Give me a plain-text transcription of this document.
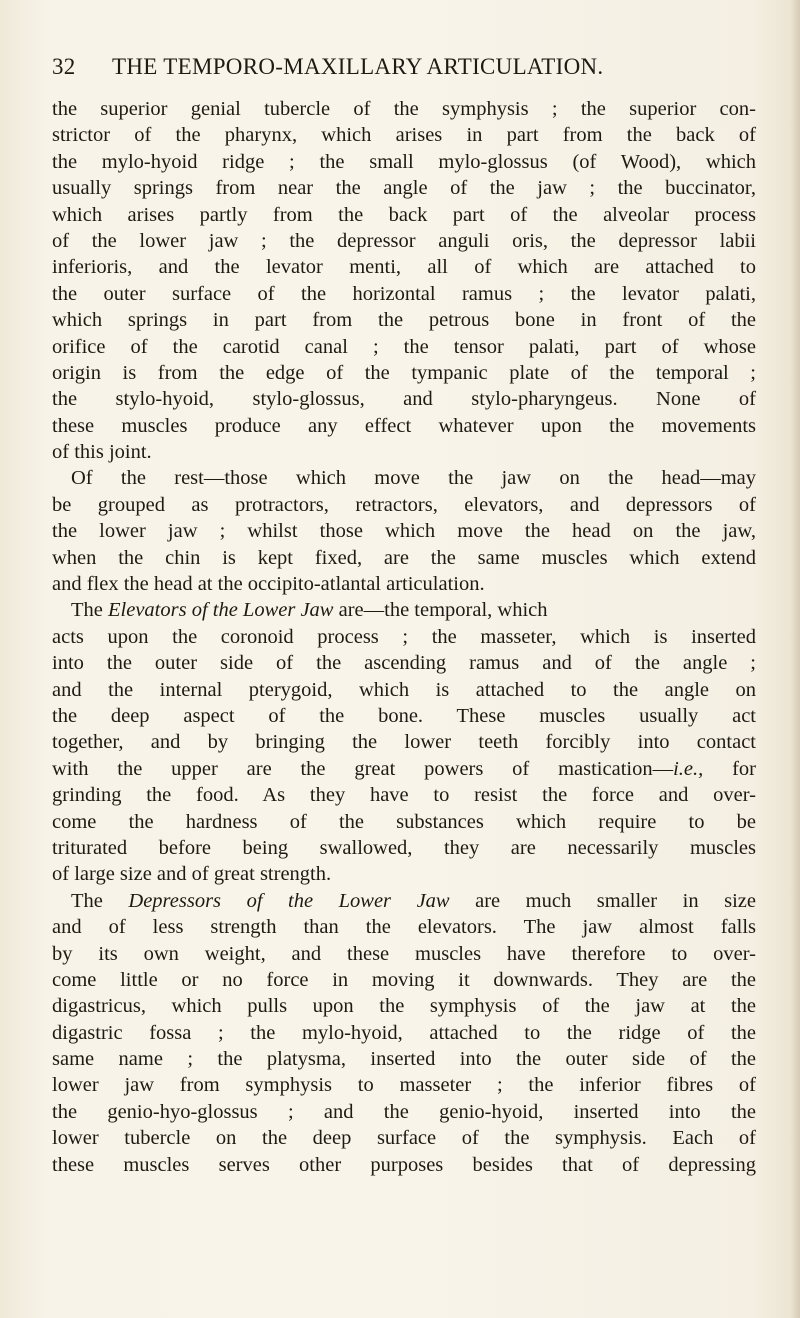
32 THE TEMPORO-MAXILLARY ARTICULATION.
the superior genial tubercle of the symphysis ; the superior con-
strictor of the pharynx, which arises in part from the back of
the mylo-hyoid ridge ; the small mylo-glossus (of Wood), which
usually springs from near the angle of the jaw ; the buccinator,
which arises partly from the back part of the alveolar process
of the lower jaw ; the depressor anguli oris, the depressor labii
inferioris, and the levator menti, all of which are attached to
the outer surface of the horizontal ramus ; the levator palati,
which springs in part from the petrous bone in front of the
orifice of the carotid canal ; the tensor palati, part of whose
origin is from the edge of the tympanic plate of the temporal ;
the stylo-hyoid, stylo-glossus, and stylo-pharyngeus. None of
these muscles produce any effect whatever upon the movements
of this joint.
Of the rest—those which move the jaw on the head—may
be grouped as protractors, retractors, elevators, and depressors of
the lower jaw ; whilst those which move the head on the jaw,
when the chin is kept fixed, are the same muscles which extend
and flex the head at the occipito-atlantal articulation.
The Elevators of the Lower Jaw are—the temporal, which
acts upon the coronoid process ; the masseter, which is inserted
into the outer side of the ascending ramus and of the angle ;
and the internal pterygoid, which is attached to the angle on
the deep aspect of the bone. These muscles usually act
together, and by bringing the lower teeth forcibly into contact
with the upper are the great powers of mastication—i.e., for
grinding the food. As they have to resist the force and over-
come the hardness of the substances which require to be
triturated before being swallowed, they are necessarily muscles
of large size and of great strength.
The Depressors of the Lower Jaw are much smaller in size
and of less strength than the elevators. The jaw almost falls
by its own weight, and these muscles have therefore to over-
come little or no force in moving it downwards. They are the
digastricus, which pulls upon the symphysis of the jaw at the
digastric fossa ; the mylo-hyoid, attached to the ridge of the
same name ; the platysma, inserted into the outer side of the
lower jaw from symphysis to masseter ; the inferior fibres of
the genio-hyo-glossus ; and the genio-hyoid, inserted into the
lower tubercle on the deep surface of the symphysis. Each of
these muscles serves other purposes besides that of depressing
